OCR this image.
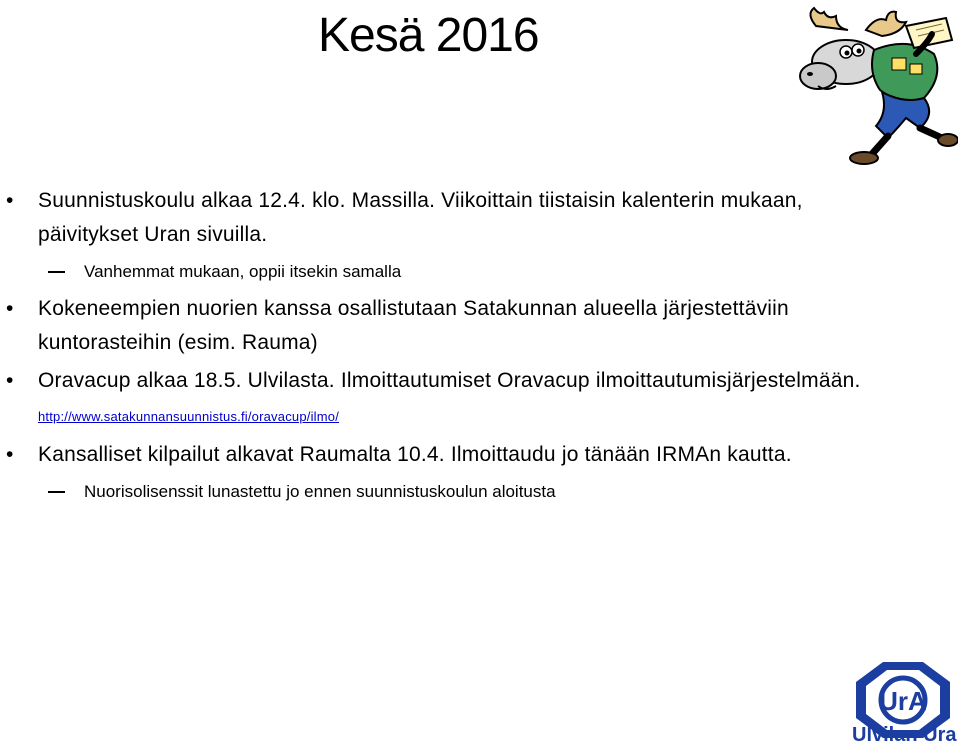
Kesä 2016
• Suunnistuskoulu alkaa 12.4. klo. Massilla. Viikoittain tiistaisin kalenterin mukaan, päivitykset Uran sivuilla.
Vanhemmat mukaan, oppii itsekin samalla
• Kokeneempien nuorien kanssa osallistutaan Satakunnan alueella järjestettäviin kuntorasteihin (esim. Rauma)
• Oravacup alkaa 18.5. Ulvilasta. Ilmoittautumiset Oravacup ilmoittautumisjärjestelmään. http://www.satakunnansuunnistus.fi/oravacup/ilmo/
• Kansalliset kilpailut alkavat Raumalta 10.4. Ilmoittaudu jo tänään IRMAn kautta.
Nuorisolisenssit lunastettu jo ennen suunnistuskoulun aloitusta
UrA
Ulvilan Ura
